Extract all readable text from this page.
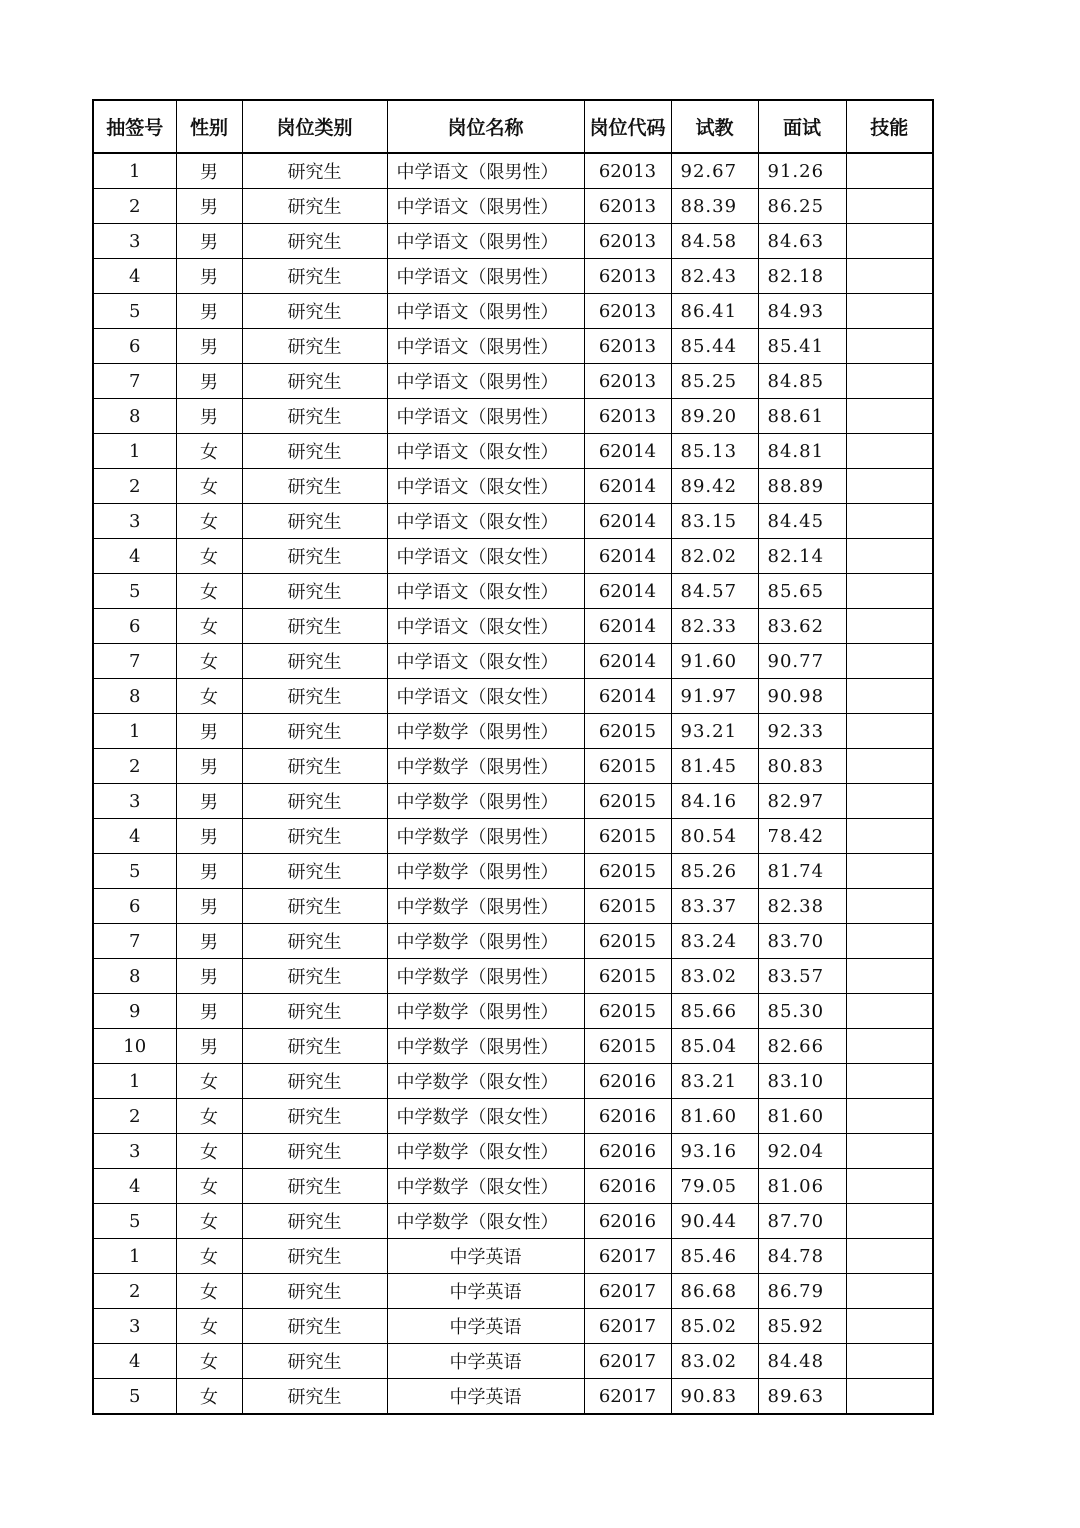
抽签号	性别	岗位类别	岗位名称	岗位代码	试教	面试	技能
1	男	研究生	中学语文（限男性）	62013	92.67	91.26	
2	男	研究生	中学语文（限男性）	62013	88.39	86.25	
3	男	研究生	中学语文（限男性）	62013	84.58	84.63	
4	男	研究生	中学语文（限男性）	62013	82.43	82.18	
5	男	研究生	中学语文（限男性）	62013	86.41	84.93	
6	男	研究生	中学语文（限男性）	62013	85.44	85.41	
7	男	研究生	中学语文（限男性）	62013	85.25	84.85	
8	男	研究生	中学语文（限男性）	62013	89.20	88.61	
1	女	研究生	中学语文（限女性）	62014	85.13	84.81	
2	女	研究生	中学语文（限女性）	62014	89.42	88.89	
3	女	研究生	中学语文（限女性）	62014	83.15	84.45	
4	女	研究生	中学语文（限女性）	62014	82.02	82.14	
5	女	研究生	中学语文（限女性）	62014	84.57	85.65	
6	女	研究生	中学语文（限女性）	62014	82.33	83.62	
7	女	研究生	中学语文（限女性）	62014	91.60	90.77	
8	女	研究生	中学语文（限女性）	62014	91.97	90.98	
1	男	研究生	中学数学（限男性）	62015	93.21	92.33	
2	男	研究生	中学数学（限男性）	62015	81.45	80.83	
3	男	研究生	中学数学（限男性）	62015	84.16	82.97	
4	男	研究生	中学数学（限男性）	62015	80.54	78.42	
5	男	研究生	中学数学（限男性）	62015	85.26	81.74	
6	男	研究生	中学数学（限男性）	62015	83.37	82.38	
7	男	研究生	中学数学（限男性）	62015	83.24	83.70	
8	男	研究生	中学数学（限男性）	62015	83.02	83.57	
9	男	研究生	中学数学（限男性）	62015	85.66	85.30	
10	男	研究生	中学数学（限男性）	62015	85.04	82.66	
1	女	研究生	中学数学（限女性）	62016	83.21	83.10	
2	女	研究生	中学数学（限女性）	62016	81.60	81.60	
3	女	研究生	中学数学（限女性）	62016	93.16	92.04	
4	女	研究生	中学数学（限女性）	62016	79.05	81.06	
5	女	研究生	中学数学（限女性）	62016	90.44	87.70	
1	女	研究生	中学英语	62017	85.46	84.78	
2	女	研究生	中学英语	62017	86.68	86.79	
3	女	研究生	中学英语	62017	85.02	85.92	
4	女	研究生	中学英语	62017	83.02	84.48	
5	女	研究生	中学英语	62017	90.83	89.63	
